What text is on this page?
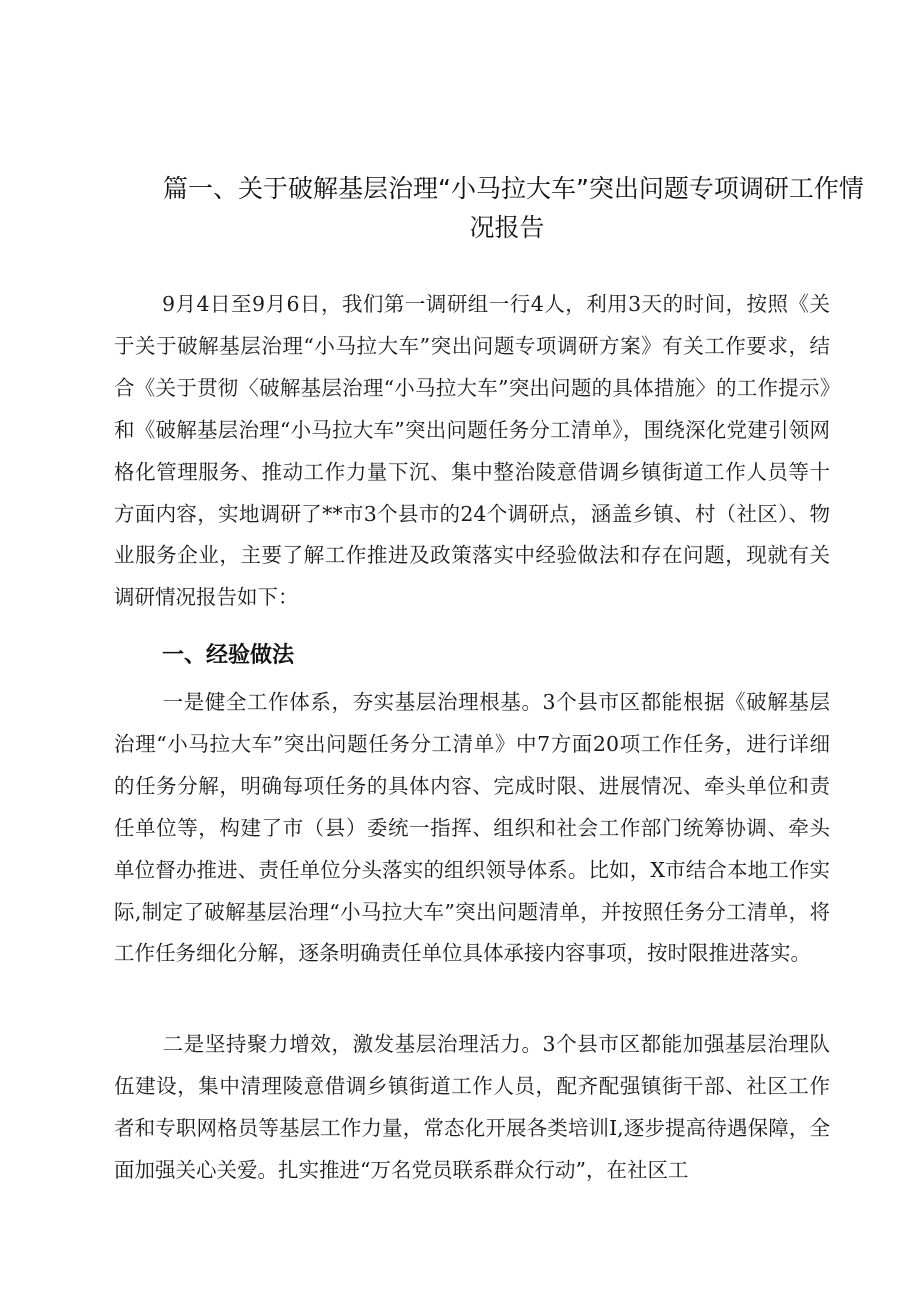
篇一、关于破解基层治理“小马拉大车”突出问题专项调研工作情
况报告

9月4日至9月6日，我们第一调研组一行4人，利用3天的时间，按照《关于关于破解基层治理“小马拉大车”突出问题专项调研方案》有关工作要求，结合《关于贯彻〈破解基层治理“小马拉大车”突出问题的具体措施〉的工作提示》和《破解基层治理“小马拉大车”突出问题任务分工清单》，围绕深化党建引领网格化管理服务、推动工作力量下沉、集中整治陵意借调乡镇街道工作人员等十方面内容，实地调研了**市3个县市的24个调研点，涵盖乡镇、村（社区）、物业服务企业，主要了解工作推进及政策落实中经验做法和存在问题，现就有关调研情况报告如下：

一、经验做法

一是健全工作体系，夯实基层治理根基。3个县市区都能根据《破解基层治理“小马拉大车”突出问题任务分工清单》中7方面20项工作任务，进行详细的任务分解，明确每项任务的具体内容、完成时限、进展情况、牵头单位和责任单位等，构建了市（县）委统一指挥、组织和社会工作部门统筹协调、牵头单位督办推进、责任单位分头落实的组织领导体系。比如，X市结合本地工作实际,制定了破解基层治理“小马拉大车”突出问题清单，并按照任务分工清单，将工作任务细化分解，逐条明确责任单位具体承接内容事项，按时限推进落实。

二是坚持聚力增效，激发基层治理活力。3个县市区都能加强基层治理队伍建设，集中清理陵意借调乡镇街道工作人员，配齐配强镇街干部、社区工作者和专职网格员等基层工作力量，常态化开展各类培训I,逐步提高待遇保障，全面加强关心关爱。扎实推进“万名党员联系群众行动”，在社区工
